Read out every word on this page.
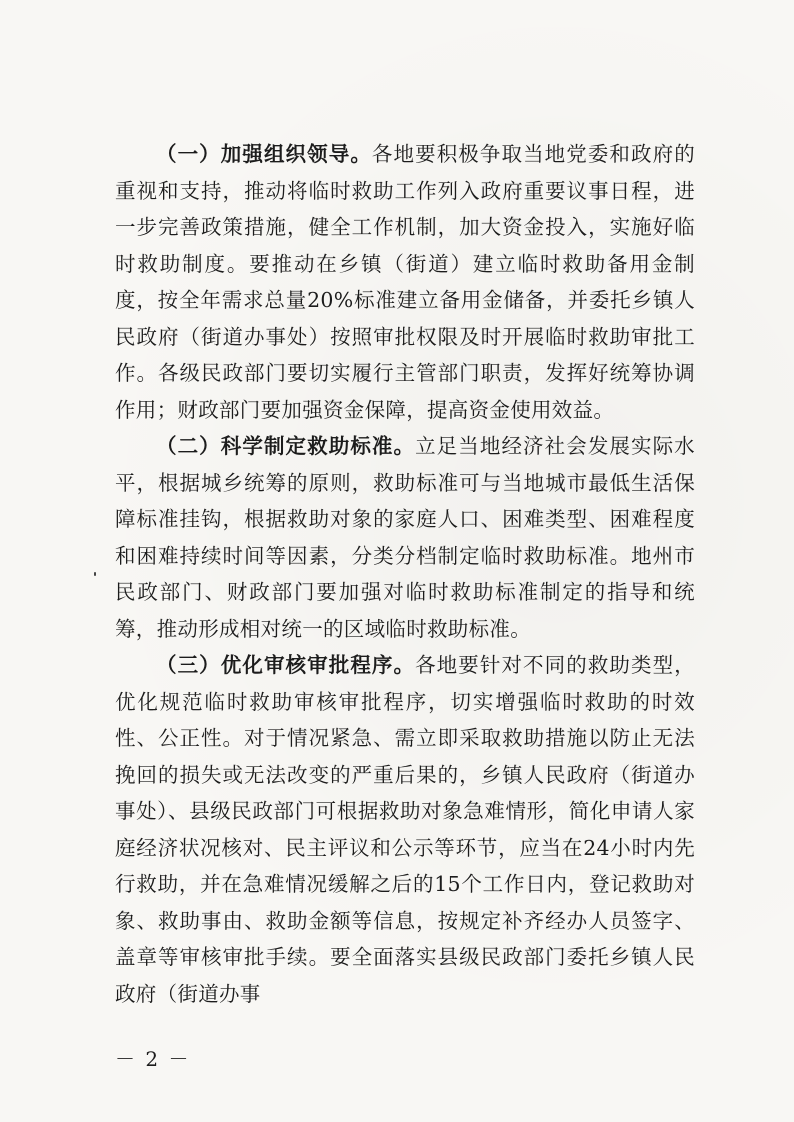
（一）加强组织领导。各地要积极争取当地党委和政府的重视和支持，推动将临时救助工作列入政府重要议事日程，进一步完善政策措施，健全工作机制，加大资金投入，实施好临时救助制度。要推动在乡镇（街道）建立临时救助备用金制度，按全年需求总量20%标准建立备用金储备，并委托乡镇人民政府（街道办事处）按照审批权限及时开展临时救助审批工作。各级民政部门要切实履行主管部门职责，发挥好统筹协调作用；财政部门要加强资金保障，提高资金使用效益。

（二）科学制定救助标准。立足当地经济社会发展实际水平，根据城乡统筹的原则，救助标准可与当地城市最低生活保障标准挂钩，根据救助对象的家庭人口、困难类型、困难程度和困难持续时间等因素，分类分档制定临时救助标准。地州市民政部门、财政部门要加强对临时救助标准制定的指导和统筹，推动形成相对统一的区域临时救助标准。

（三）优化审核审批程序。各地要针对不同的救助类型，优化规范临时救助审核审批程序，切实增强临时救助的时效性、公正性。对于情况紧急、需立即采取救助措施以防止无法挽回的损失或无法改变的严重后果的，乡镇人民政府（街道办事处）、县级民政部门可根据救助对象急难情形，简化申请人家庭经济状况核对、民主评议和公示等环节，应当在24小时内先行救助，并在急难情况缓解之后的15个工作日内，登记救助对象、救助事由、救助金额等信息，按规定补齐经办人员签字、盖章等审核审批手续。要全面落实县级民政部门委托乡镇人民政府（街道办事

－ 2 －
